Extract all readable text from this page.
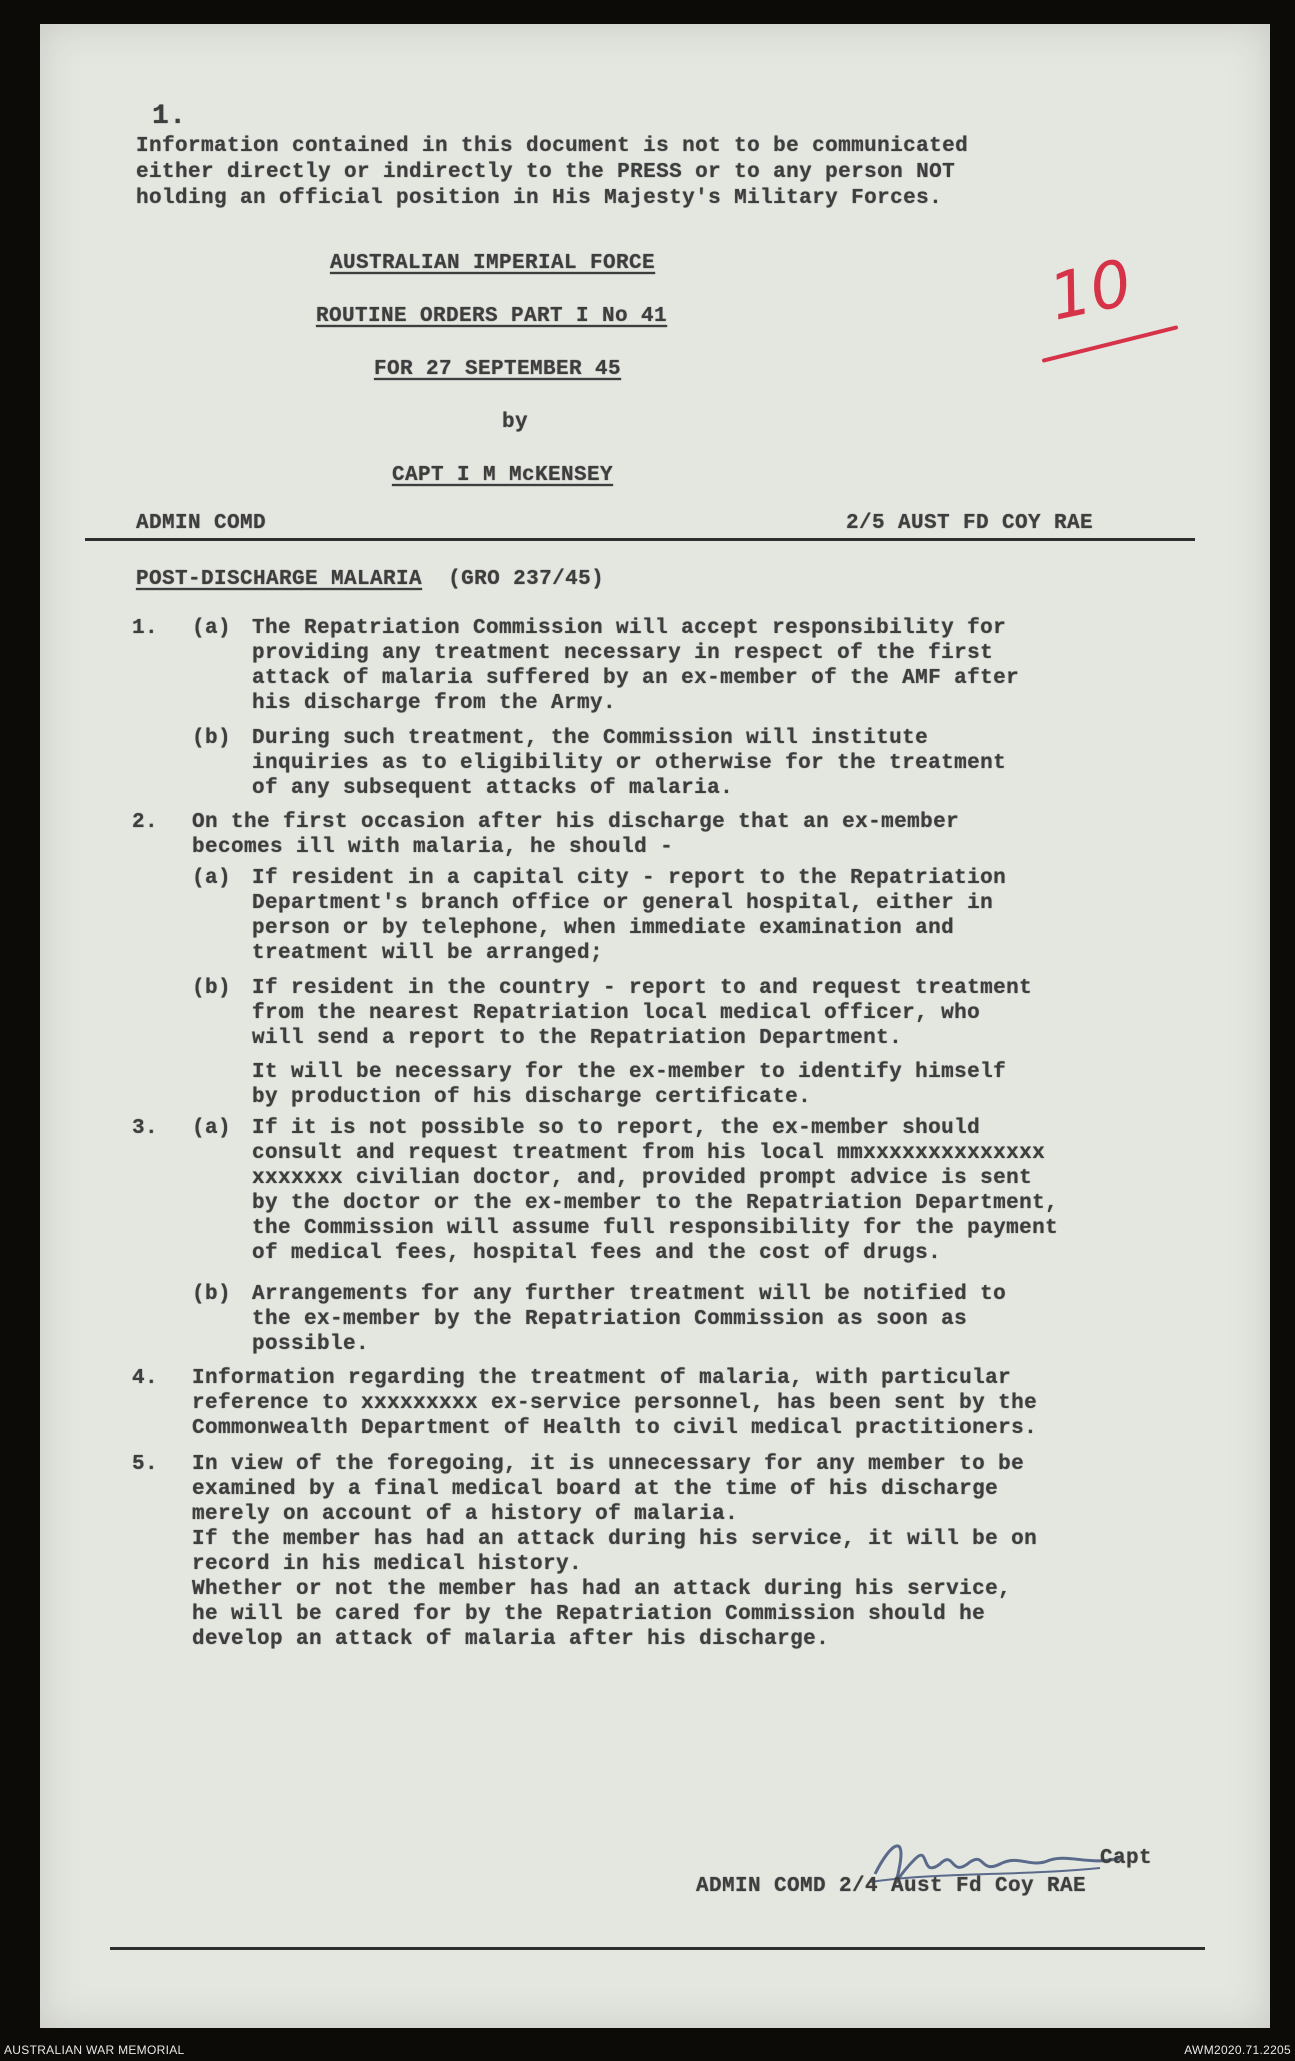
1.
Information contained in this document is not to be communicated
either directly or indirectly to the PRESS or to any person NOT
holding an official position in His Majesty's Military Forces.
10
AUSTRALIAN IMPERIAL FORCE
ROUTINE ORDERS PART I No 41
FOR 27 SEPTEMBER 45
by
CAPT I M McKENSEY
ADMIN COMD	2/5 AUST FD COY RAE
POST-DISCHARGE MALARIA (GRO 237/45)
1. (a) The Repatriation Commission will accept responsibility for
providing any treatment necessary in respect of the first
attack of malaria suffered by an ex-member of the AMF after
his discharge from the Army.
(b) During such treatment, the Commission will institute
inquiries as to eligibility or otherwise for the treatment
of any subsequent attacks of malaria.
2. On the first occasion after his discharge that an ex-member
becomes ill with malaria, he should -
(a) If resident in a capital city - report to the Repatriation
Department's branch office or general hospital, either in
person or by telephone, when immediate examination and
treatment will be arranged;
(b) If resident in the country - report to and request treatment
from the nearest Repatriation local medical officer, who
will send a report to the Repatriation Department.
It will be necessary for the ex-member to identify himself
by production of his discharge certificate.
3. (a) If it is not possible so to report, the ex-member should
consult and request treatment from his local mmxxxxxxxxxxxxxx
xxxxxxx civilian doctor, and, provided prompt advice is sent
by the doctor or the ex-member to the Repatriation Department,
the Commission will assume full responsibility for the payment
of medical fees, hospital fees and the cost of drugs.
(b) Arrangements for any further treatment will be notified to
the ex-member by the Repatriation Commission as soon as
possible.
4. Information regarding the treatment of malaria, with particular
reference to xxxxxxxxx ex-service personnel, has been sent by the
Commonwealth Department of Health to civil medical practitioners.
5. In view of the foregoing, it is unnecessary for any member to be
examined by a final medical board at the time of his discharge
merely on account of a history of malaria.
If the member has had an attack during his service, it will be on
record in his medical history.
Whether or not the member has had an attack during his service,
he will be cared for by the Repatriation Commission should he
develop an attack of malaria after his discharge.
Capt
ADMIN COMD 2/4 Aust Fd Coy RAE
AUSTRALIAN WAR MEMORIAL	AWM2020.71.2205
